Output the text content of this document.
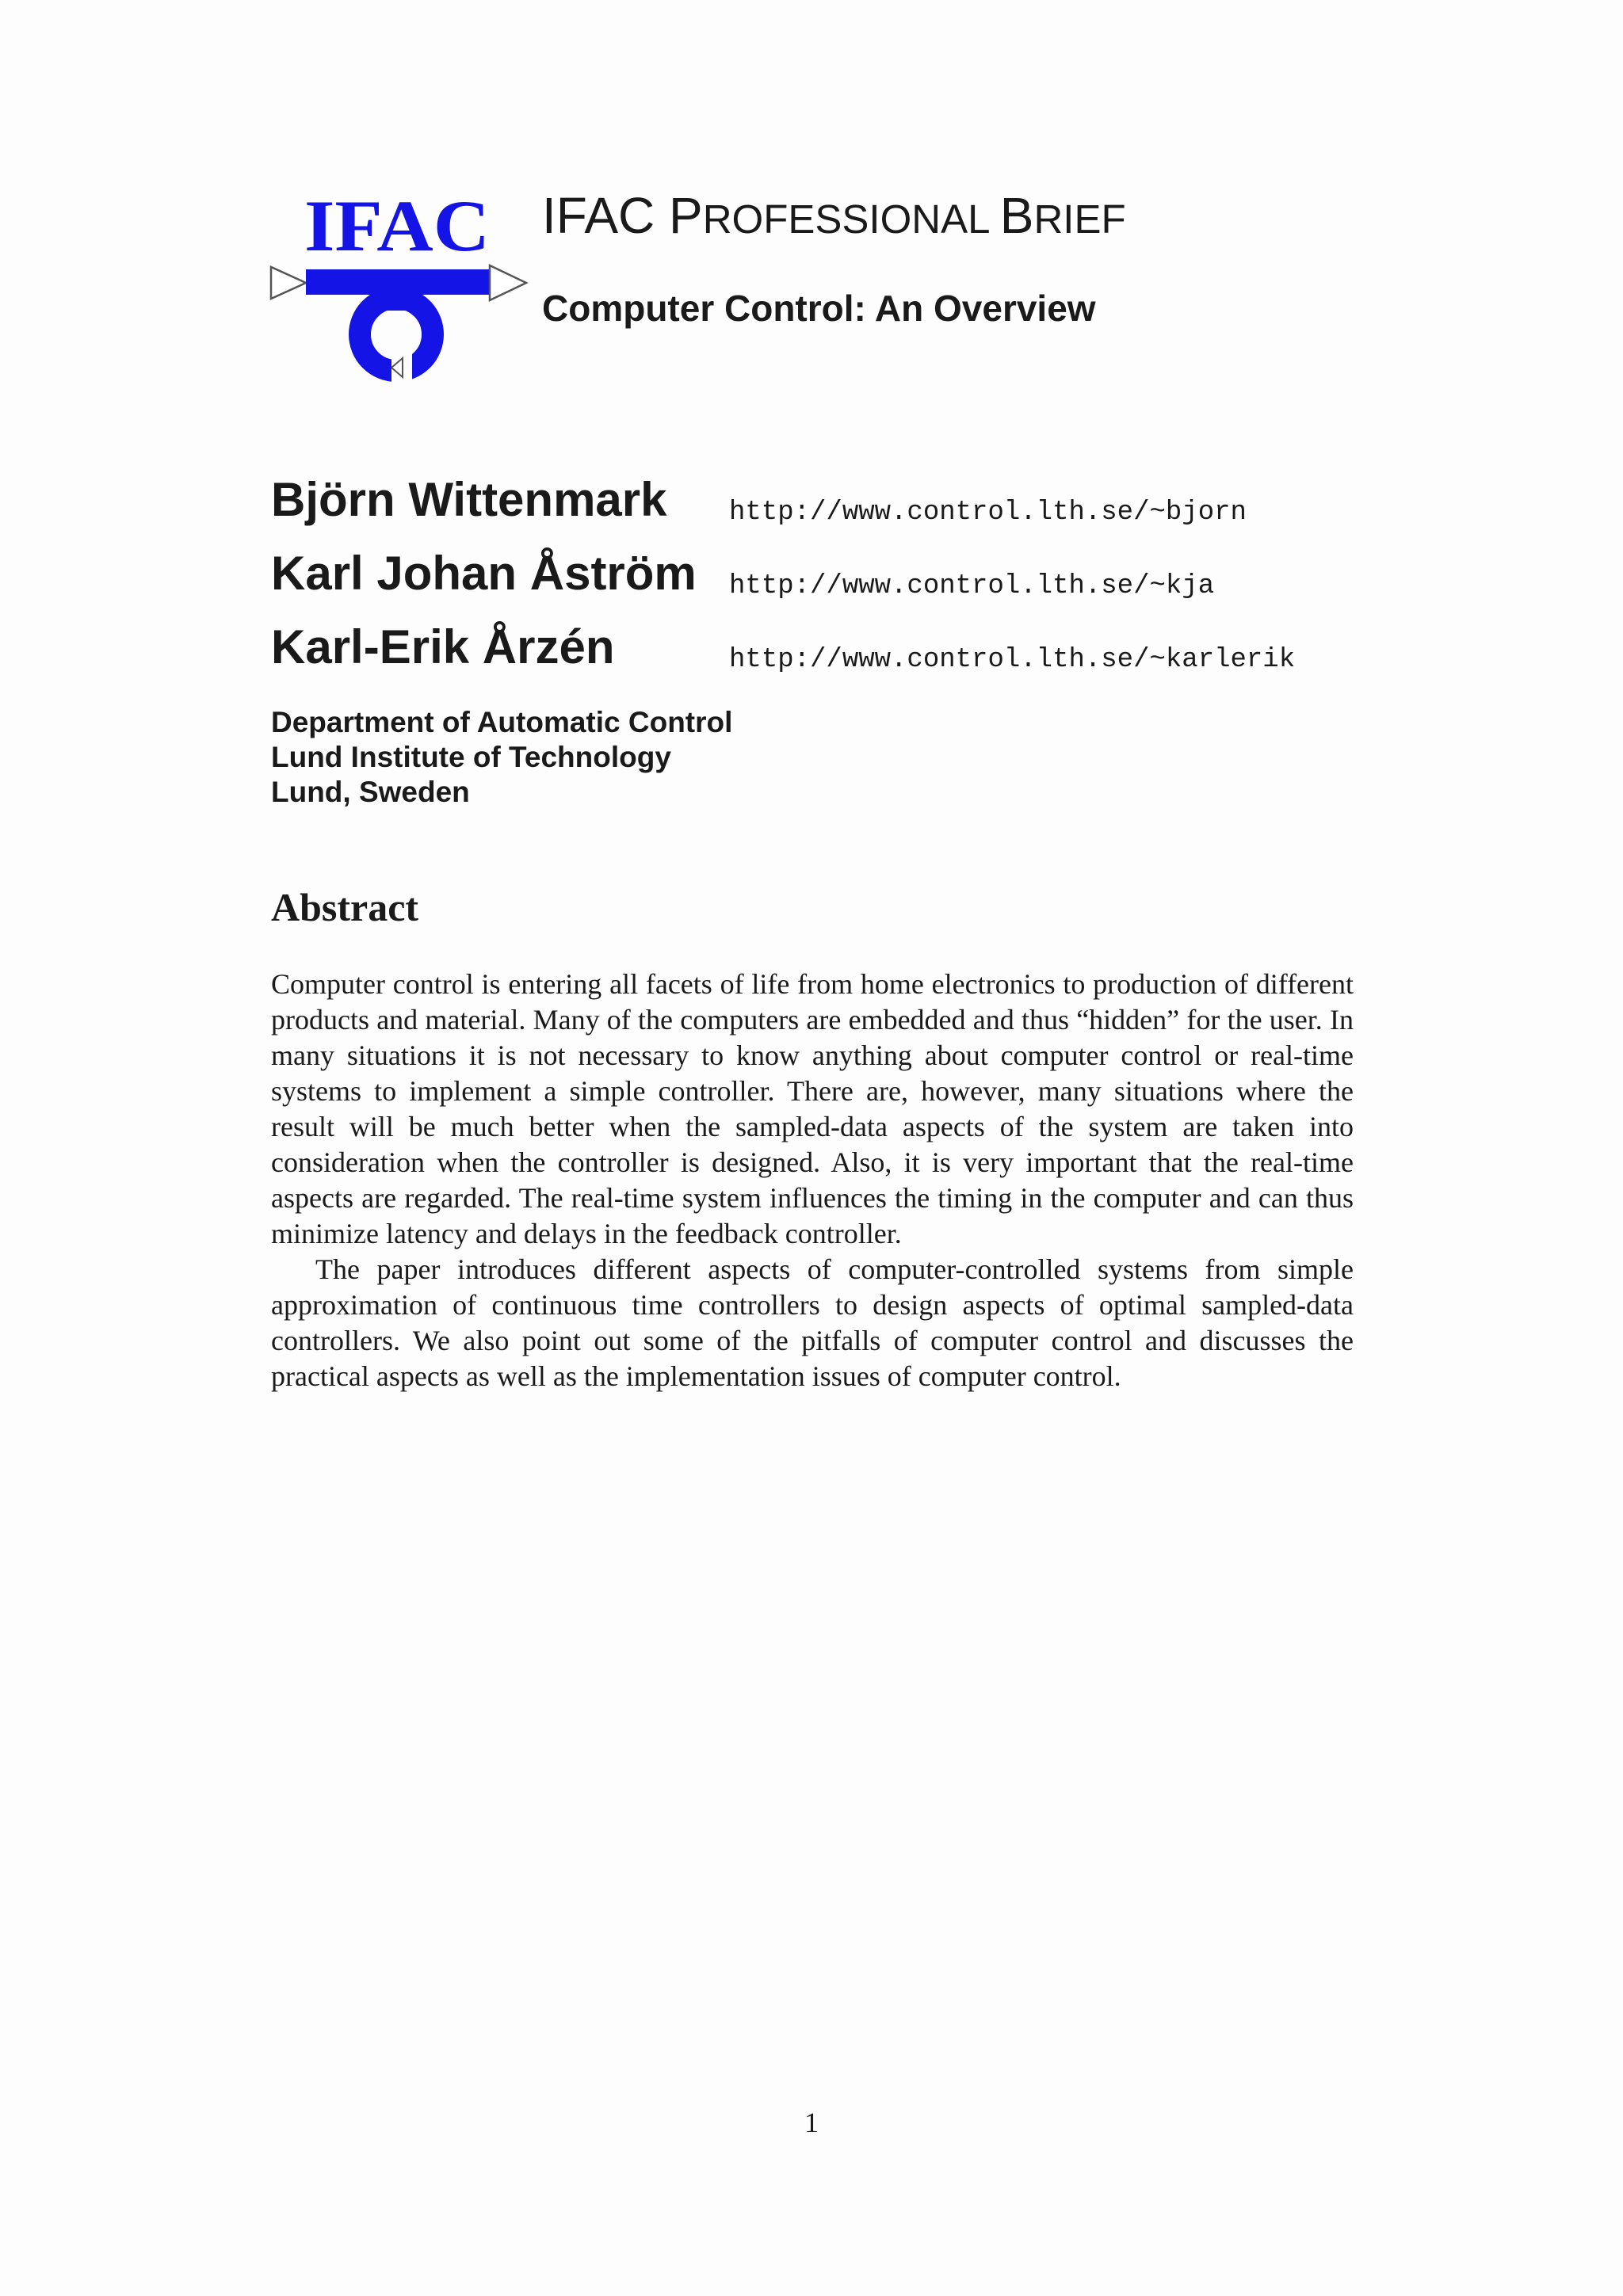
IFAC IFAC PROFESSIONAL BRIEF
Computer Control: An Overview
Björn Wittenmark http://www.control.lth.se/~bjorn
Karl Johan Åström http://www.control.lth.se/~kja
Karl-Erik Årzén	http://www.control.lth.se/~karlerik
Department of Automatic Control
Lund Institute of Technology
Lund, Sweden
Abstract

Computer control is entering all facets of life from home electronics to production of different products and material. Many of the computers are embedded and thus “hidden” for the user. In many situations it is not necessary to know anything about computer control or real-time systems to implement a simple controller. There are, however, many situations where the result will be much better when the sampled-data aspects of the system are taken into consideration when the controller is designed. Also, it is very important that the real-time aspects are regarded. The real-time system influences the timing in the computer and can thus minimize latency and delays in the feedback controller.

The paper introduces different aspects of computer-controlled systems from simple approximation of continuous time controllers to design aspects of optimal sampled-data controllers. We also point out some of the pitfalls of computer control and discusses the practical aspects as well as the implementation issues of computer control.

1
